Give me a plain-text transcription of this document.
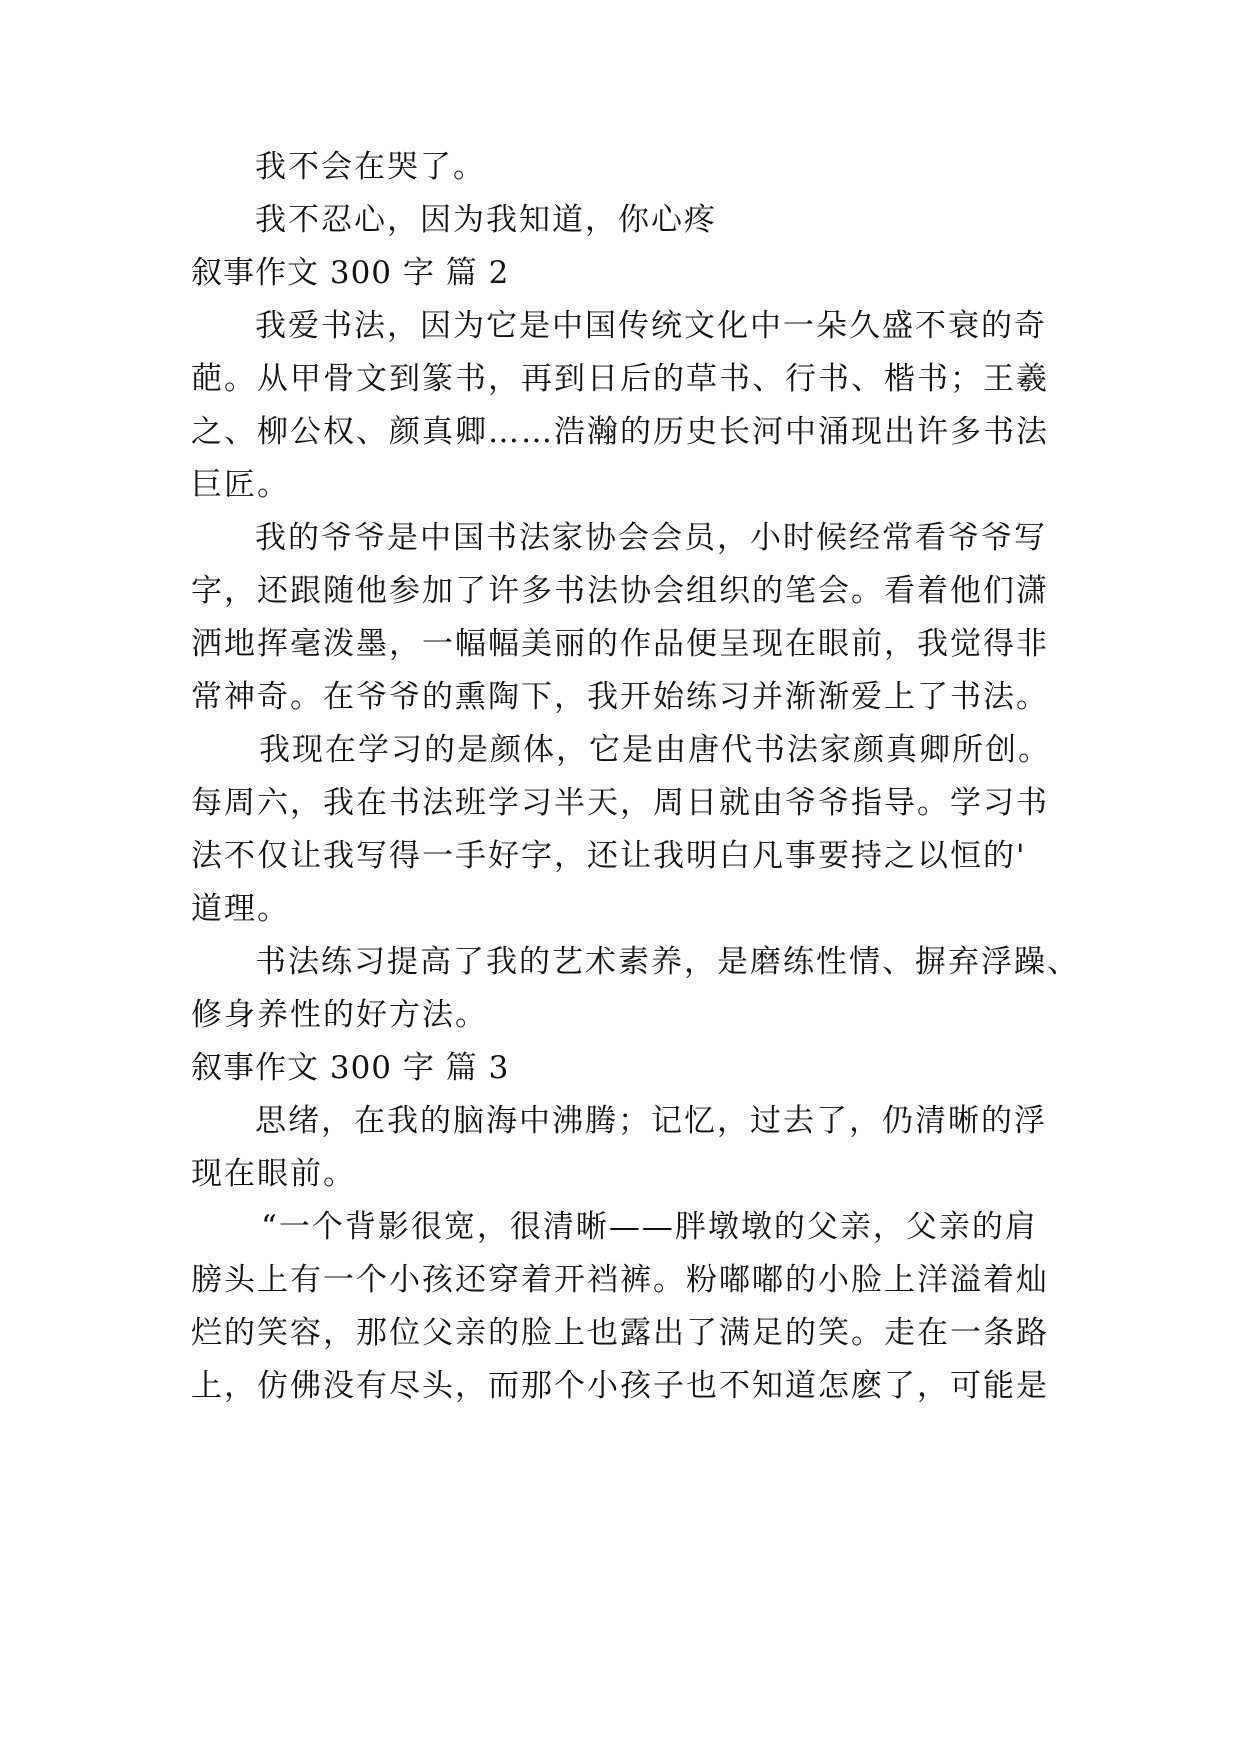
我不会在哭了。
我不忍心，因为我知道，你心疼
叙事作文 300 字 篇 2
我爱书法，因为它是中国传统文化中一朵久盛不衰的奇
葩。从甲骨文到篆书，再到日后的草书、行书、楷书；王羲
之、柳公权、颜真卿……浩瀚的历史长河中涌现出许多书法
巨匠。
我的爷爷是中国书法家协会会员，小时候经常看爷爷写
字，还跟随他参加了许多书法协会组织的笔会。看着他们潇
洒地挥毫泼墨，一幅幅美丽的作品便呈现在眼前，我觉得非
常神奇。在爷爷的熏陶下，我开始练习并渐渐爱上了书法。
我现在学习的是颜体，它是由唐代书法家颜真卿所创。
每周六，我在书法班学习半天，周日就由爷爷指导。学习书
法不仅让我写得一手好字，还让我明白凡事要持之以恒的'
道理。
书法练习提高了我的艺术素养，是磨练性情、摒弃浮躁、
修身养性的好方法。
叙事作文 300 字 篇 3
思绪，在我的脑海中沸腾；记忆，过去了，仍清晰的浮
现在眼前。
“一个背影很宽，很清晰——胖墩墩的父亲，父亲的肩
膀头上有一个小孩还穿着开裆裤。粉嘟嘟的小脸上洋溢着灿
烂的笑容，那位父亲的脸上也露出了满足的笑。走在一条路
上，仿佛没有尽头，而那个小孩子也不知道怎麽了，可能是
